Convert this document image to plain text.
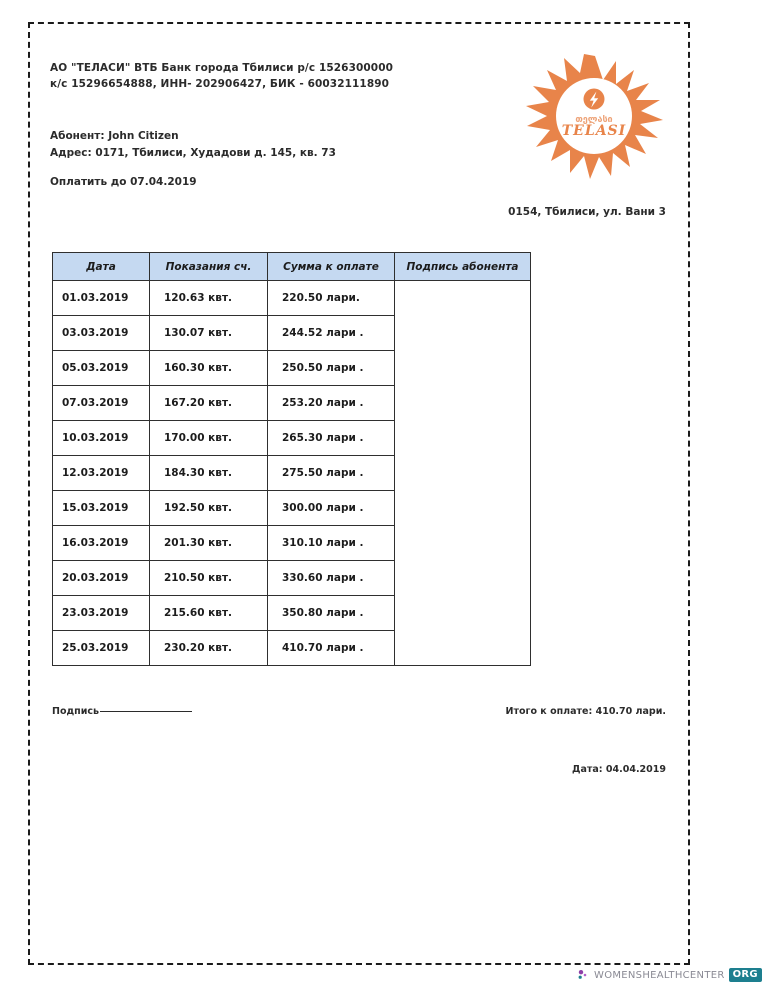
АО "ТЕЛАСИ" ВТБ Банк города Тбилиси р/с 1526300000
к/с 15296654888, ИНН- 202906427, БИК - 60032111890
Абонент: John Citizen
Адрес: 0171, Тбилиси, Худадови д. 145, кв. 73
Оплатить до 07.04.2019
0154, Тбилиси, ул. Вани 3
თელასი
TELASI
Дата	Показания сч.	Сумма к оплате	Подпись абонента
01.03.2019	120.63 квт.	220.50 лари.	
03.03.2019	130.07 квт.	244.52 лари .	
05.03.2019	160.30 квт.	250.50 лари .	
07.03.2019	167.20 квт.	253.20 лари .	
10.03.2019	170.00 квт.	265.30 лари .	
12.03.2019	184.30 квт.	275.50 лари .	
15.03.2019	192.50 квт.	300.00 лари .	
16.03.2019	201.30 квт.	310.10 лари .	
20.03.2019	210.50 квт.	330.60 лари .	
23.03.2019	215.60 квт.	350.80 лари .	
25.03.2019	230.20 квт.	410.70 лари .	
Подпись	Итого к оплате: 410.70 лари.
Дата: 04.04.2019
WOMENSHEALTHCENTER ORG
